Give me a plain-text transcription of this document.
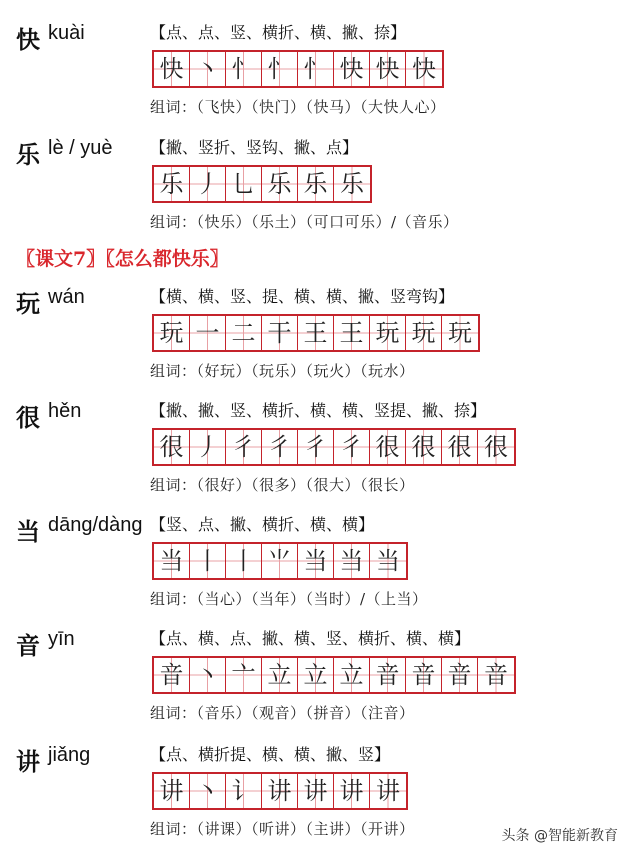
快 kuài	【点、点、竖、横折、横、撇、捺】
快 丶 忄 忄 忄 快 快 快
组词：（飞快）（快门）（快马）（大快人心）
乐 lè / yuè 【撇、竖折、竖钩、撇、点】
乐 丿 乚 乐 乐 乐
组词：（快乐）（乐土）（可口可乐）/（音乐）
玩 wán	【横、横、竖、提、横、横、撇、竖弯钩】
玩 一 二 干 王 王 玩 玩 玩
组词：（好玩）（玩乐）（玩火）（玩水）
很 hěn	【撇、撇、竖、横折、横、横、竖提、撇、捺】
很 丿 彳 彳 彳 彳 很 很 很 很
组词：（很好）（很多）（很大）（很长）
当 dāng/dàng 【竖、点、撇、横折、横、横】
当 丨 丨 ⺌ 当 当 当
组词：（当心）（当年）（当时）/（上当）
音 yīn	【点、横、点、撇、横、竖、横折、横、横】
音 丶 亠 立 立 立 音 音 音 音
组词：（音乐）（观音）（拼音）（注音）
讲 jiǎng	【点、横折提、横、横、撇、竖】
讲 丶 讠 讲 讲 讲 讲
组词：（讲课）（听讲）（主讲）（开讲）
〖课文7〗〖怎么都快乐〗
头条 @智能新教育
